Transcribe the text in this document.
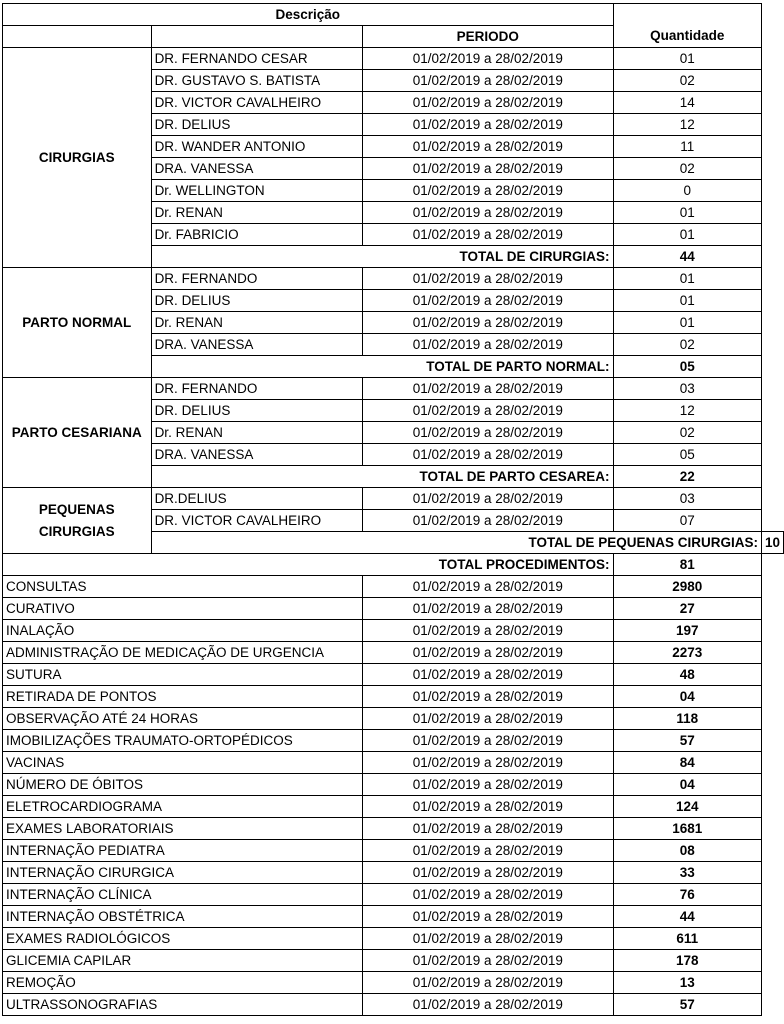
Descrição			Quantidade	
		PERIODO		
CIRURGIAS	DR. FERNANDO CESAR	01/02/2019 a 28/02/2019	01	
	DR. GUSTAVO S. BATISTA	01/02/2019 a 28/02/2019	02	
	DR. VICTOR CAVALHEIRO	01/02/2019 a 28/02/2019	14	
	DR. DELIUS	01/02/2019 a 28/02/2019	12	
	DR. WANDER ANTONIO	01/02/2019 a 28/02/2019	11	
	DRA. VANESSA	01/02/2019 a 28/02/2019	02	
	Dr. WELLINGTON	01/02/2019 a 28/02/2019	0	
	Dr. RENAN	01/02/2019 a 28/02/2019	01	
	Dr. FABRICIO	01/02/2019 a 28/02/2019	01	
	TOTAL DE CIRURGIAS:		44	
PARTO NORMAL	DR. FERNANDO	01/02/2019 a 28/02/2019	01	
	DR. DELIUS	01/02/2019 a 28/02/2019	01	
	Dr. RENAN	01/02/2019 a 28/02/2019	01	
	DRA. VANESSA	01/02/2019 a 28/02/2019	02	
	TOTAL DE PARTO NORMAL:		05	
PARTO CESARIANA	DR. FERNANDO	01/02/2019 a 28/02/2019	03	
	DR. DELIUS	01/02/2019 a 28/02/2019	12	
	Dr. RENAN	01/02/2019 a 28/02/2019	02	
	DRA. VANESSA	01/02/2019 a 28/02/2019	05	
	TOTAL DE PARTO CESAREA:		22	
PEQUENAS CIRURGIAS	DR.DELIUS	01/02/2019 a 28/02/2019	03	
	DR. VICTOR CAVALHEIRO	01/02/2019 a 28/02/2019	07	
	TOTAL DE PEQUENAS CIRURGIAS:			10
TOTAL PROCEDIMENTOS:			81	
CONSULTAS		01/02/2019 a 28/02/2019	2980	
CURATIVO		01/02/2019 a 28/02/2019	27	
INALAÇÃO		01/02/2019 a 28/02/2019	197	
ADMINISTRAÇÃO DE MEDICAÇÃO DE URGENCIA		01/02/2019 a 28/02/2019	2273	
SUTURA		01/02/2019 a 28/02/2019	48	
RETIRADA DE PONTOS		01/02/2019 a 28/02/2019	04	
OBSERVAÇÃO ATÉ 24 HORAS		01/02/2019 a 28/02/2019	118	
IMOBILIZAÇÕES TRAUMATO-ORTOPÉDICOS		01/02/2019 a 28/02/2019	57	
VACINAS		01/02/2019 a 28/02/2019	84	
NÚMERO DE ÓBITOS		01/02/2019 a 28/02/2019	04	
ELETROCARDIOGRAMA		01/02/2019 a 28/02/2019	124	
EXAMES LABORATORIAIS		01/02/2019 a 28/02/2019	1681	
INTERNAÇÃO PEDIATRA		01/02/2019 a 28/02/2019	08	
INTERNAÇÃO CIRURGICA		01/02/2019 a 28/02/2019	33	
INTERNAÇÃO CLÍNICA		01/02/2019 a 28/02/2019	76	
INTERNAÇÃO OBSTÉTRICA		01/02/2019 a 28/02/2019	44	
EXAMES RADIOLÓGICOS		01/02/2019 a 28/02/2019	611	
GLICEMIA CAPILAR		01/02/2019 a 28/02/2019	178	
REMOÇÃO		01/02/2019 a 28/02/2019	13	
ULTRASSONOGRAFIAS		01/02/2019 a 28/02/2019	57	
